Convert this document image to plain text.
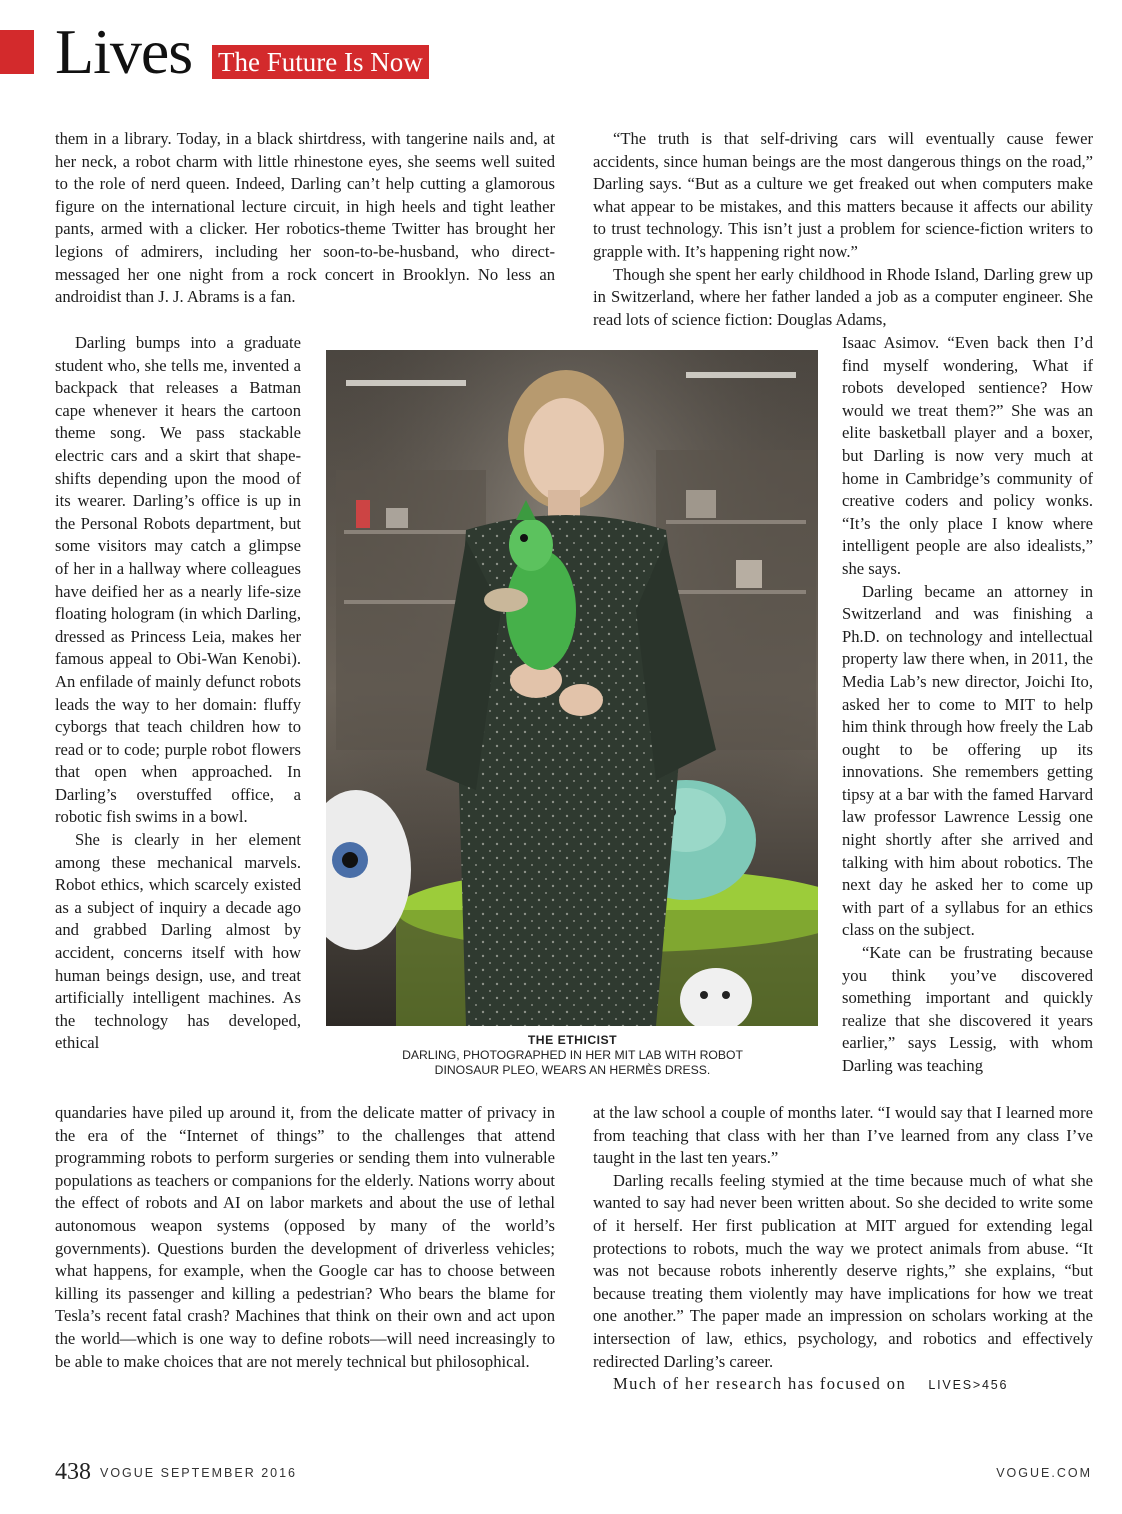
Lives The Future Is Now

them in a library. Today, in a black shirtdress, with tangerine nails and, at her neck, a robot charm with little rhinestone eyes, she seems well suited to the role of nerd queen. Indeed, Darling can’t help cutting a glamorous figure on the international lecture circuit, in high heels and tight leather pants, armed with a clicker. Her robotics-theme Twitter has brought her legions of admirers, including her soon-to-be-husband, who direct-messaged her one night from a rock concert in Brooklyn. No less an androidist than J. J. Abrams is a fan.

Darling bumps into a graduate student who, she tells me, invented a backpack that releases a Batman cape whenever it hears the cartoon theme song. We pass stackable electric cars and a skirt that shape-shifts depending upon the mood of its wearer. Darling’s office is up in the Personal Robots department, but some visitors may catch a glimpse of her in a hallway where colleagues have deified her as a nearly life-size floating hologram (in which Darling, dressed as Princess Leia, makes her famous appeal to Obi-Wan Kenobi). An enfilade of mainly defunct robots leads the way to her domain: fluffy cyborgs that teach children how to read or to code; purple robot flowers that open when approached. In Darling’s overstuffed office, a robotic fish swims in a bowl.

She is clearly in her element among these mechanical marvels. Robot ethics, which scarcely existed as a subject of inquiry a decade ago and grabbed Darling almost by accident, concerns itself with how human beings design, use, and treat artificially intelligent machines. As the technology has developed, ethical

quandaries have piled up around it, from the delicate matter of privacy in the era of the “Internet of things” to the challenges that attend programming robots to perform surgeries or sending them into vulnerable populations as teachers or companions for the elderly. Nations worry about the effect of robots and AI on labor markets and about the use of lethal autonomous weapon systems (opposed by many of the world’s governments). Questions burden the development of driverless vehicles; what happens, for example, when the Google car has to choose between killing its passenger and killing a pedestrian? Who bears the blame for Tesla’s recent fatal crash? Machines that think on their own and act upon the world—which is one way to define robots—will need increasingly to be able to make choices that are not merely technical but philosophical.

“The truth is that self-driving cars will eventually cause fewer accidents, since human beings are the most dangerous things on the road,” Darling says. “But as a culture we get freaked out when computers make what appear to be mistakes, and this matters because it affects our ability to trust technology. This isn’t just a problem for science-fiction writers to grapple with. It’s happening right now.”

Though she spent her early childhood in Rhode Island, Darling grew up in Switzerland, where her father landed a job as a computer engineer. She read lots of science fiction: Douglas Adams,

Isaac Asimov. “Even back then I’d find myself wondering, What if robots developed sentience? How would we treat them?” She was an elite basketball player and a boxer, but Darling is now very much at home in Cambridge’s community of creative coders and policy wonks. “It’s the only place I know where intelligent people are also idealists,” she says.

Darling became an attorney in Switzerland and was finishing a Ph.D. on technology and intellectual property law there when, in 2011, the Media Lab’s new director, Joichi Ito, asked her to come to MIT to help him think through how freely the Lab ought to be offering up its innovations. She remembers getting tipsy at a bar with the famed Harvard law professor Lawrence Lessig one night shortly after she arrived and talking with him about robotics. The next day he asked her to come up with part of a syllabus for an ethics class on the subject.

“Kate can be frustrating because you think you’ve discovered something important and quickly realize that she discovered it years earlier,” says Lessig, with whom Darling was teaching

at the law school a couple of months later. “I would say that I learned more from teaching that class with her than I’ve learned from any class I’ve taught in the last ten years.”

Darling recalls feeling stymied at the time because much of what she wanted to say had never been written about. So she decided to write some of it herself. Her first publication at MIT argued for extending legal protections to robots, much the way we protect animals from abuse. “It was not because robots inherently deserve rights,” she explains, “but because treating them violently may have implications for how we treat one another.” The paper made an impression on scholars working at the intersection of law, ethics, psychology, and robotics and effectively redirected Darling’s career.

Much of her research has focused on LIVES>456

THE ETHICIST
DARLING, PHOTOGRAPHED IN HER MIT LAB WITH ROBOT
DINOSAUR PLEO, WEARS AN HERMÈS DRESS.
438 VOGUE SEPTEMBER 2016	VOGUE.COM
